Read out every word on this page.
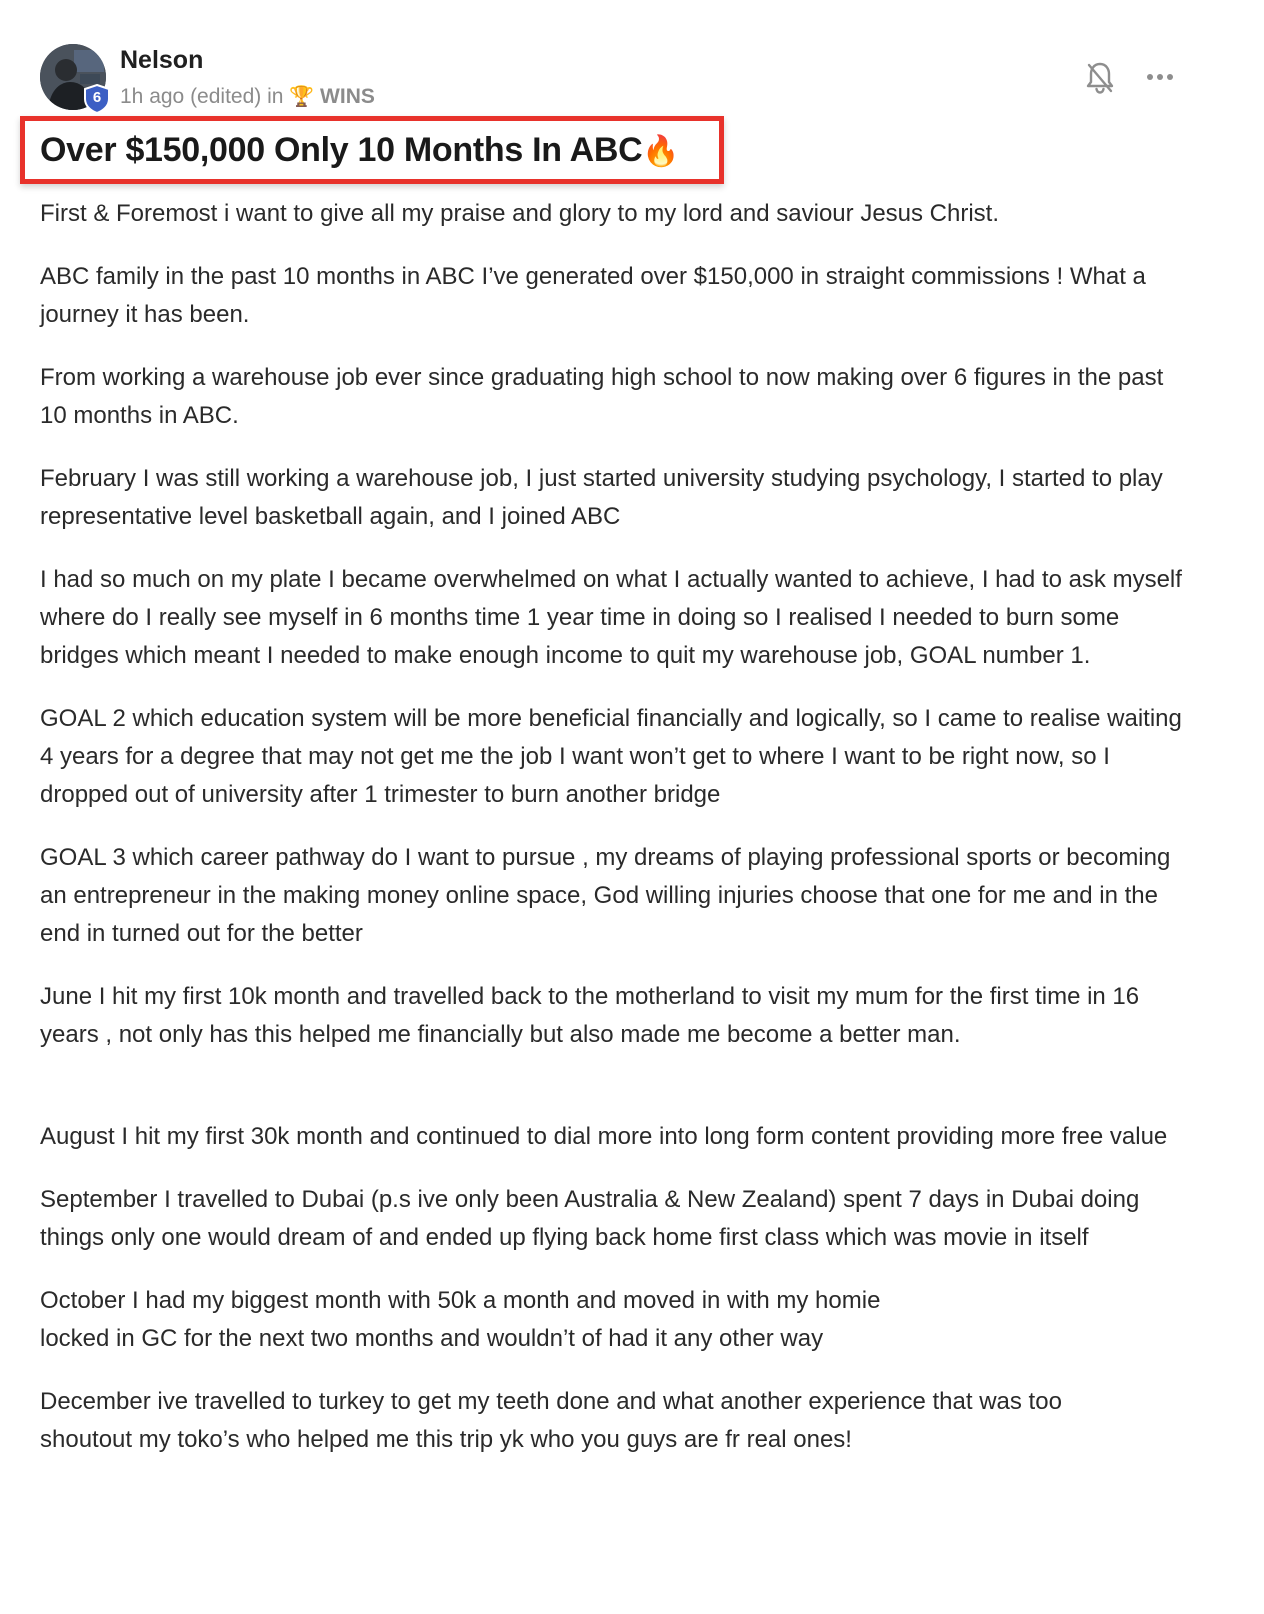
6
Nelson
1h ago (edited) in 🏆 WINS
Over $150,000 Only 10 Months In ABC🔥

First & Foremost i want to give all my praise and glory to my lord and saviour Jesus Christ.

ABC family in the past 10 months in ABC I’ve generated over $150,000 in straight commissions ! What a journey it has been.

From working a warehouse job ever since graduating high school to now making over 6 figures in the past 10 months in ABC.

February I was still working a warehouse job, I just started university studying psychology, I started to play representative level basketball again, and I joined ABC

I had so much on my plate I became overwhelmed on what I actually wanted to achieve, I had to ask myself where do I really see myself in 6 months time 1 year time in doing so I realised I needed to burn some bridges which meant I needed to make enough income to quit my warehouse job, GOAL number 1.

GOAL 2 which education system will be more beneficial financially and logically, so I came to realise waiting 4 years for a degree that may not get me the job I want won’t get to where I want to be right now, so I dropped out of university after 1 trimester to burn another bridge

GOAL 3 which career pathway do I want to pursue , my dreams of playing professional sports or becoming an entrepreneur in the making money online space, God willing injuries choose that one for me and in the end in turned out for the better

June I hit my first 10k month and travelled back to the motherland to visit my mum for the first time in 16 years , not only has this helped me financially but also made me become a better man.

August I hit my first 30k month and continued to dial more into long form content providing more free value

September I travelled to Dubai (p.s ive only been Australia & New Zealand) spent 7 days in Dubai doing things only one would dream of and ended up flying back home first class which was movie in itself

October I had my biggest month with 50k a month and moved in with my homie
locked in GC for the next two months and wouldn’t of had it any other way

December ive travelled to turkey to get my teeth done and what another experience that was too
shoutout my toko’s who helped me this trip yk who you guys are fr real ones!
